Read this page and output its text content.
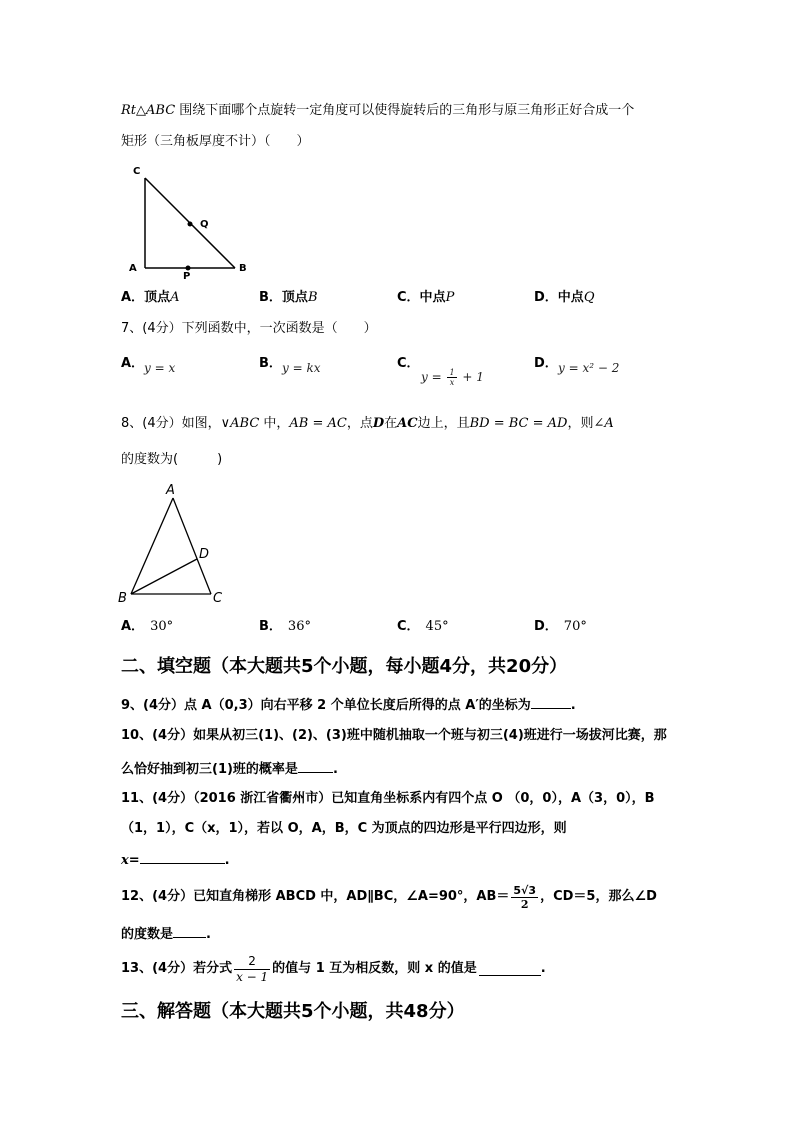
Rt△ABC 围绕下面哪个点旋转一定角度可以使得旋转后的三角形与原三角形正好合成一个
矩形（三角板厚度不计）（　　）
C
Q
A
P
B
A．顶点A	B．顶点B	C．中点P	D．中点Q
7、(4分）下列函数中，一次函数是（　　）
A． y = x	B． y = kx	C．
$y = \frac{1}{x} + 1$
D． y = x² − 2
8、(4分）如图，∨ABC 中，AB = AC，点D在AC边上，且BD = BC = AD，则∠A
的度数为(　　　)
A
D
B	C
A． 30°	B． 36°	C． 45°	D． 70°
二、填空题（本大题共5个小题，每小题4分，共20分）
9、(4分）点 A（0,3）向右平移 2 个单位长度后所得的点 A′的坐标为	.
10、(4分）如果从初三(1)、(2)、(3)班中随机抽取一个班与初三(4)班进行一场拔河比赛，那
么恰好抽到初三(1)班的概率是	.
11、(4分）（2016 浙江省衢州市）已知直角坐标系内有四个点 O （0，0），A（3，0），B
（1，1），C（x，1），若以 O，A，B，C 为顶点的四边形是平行四边形，则
x=	.
12、(4分）已知直角梯形 ABCD 中，AD∥BC，∠A=90°，$AB= \frac{5√3}{2}$ ，CD＝5，那么∠D
的度数是	.
13、(4分）若分式 $\frac{2}{x - 1}$ 的值与 1 互为相反数，则 x 的值是	.
三、解答题（本大题共5个小题，共48分）
